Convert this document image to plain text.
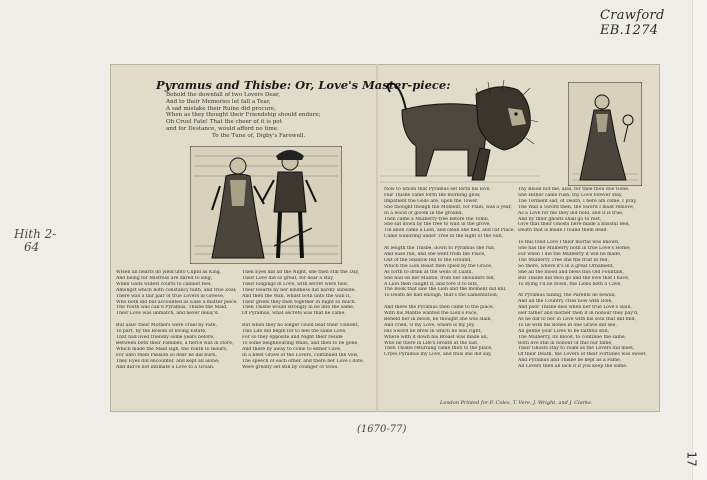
Crawford EB.1274
Hith 2-
64
17
Pyramus and Thisbe: Or, Love's Master-piece:
Behold the downfall of two Lovers Dear,
And to their Memories let fall a Tear,
A sad mistake their Ruine did procure,
When as they thought their Friendship should endure;
Oh Cruel Fate! That the cheer of it is pot
and for Destance, would afford no time.
To the Tune of, Digby's Farewell.
WHen all hearts do yield unto Cupid as King,
And being for Mistress are dared to sing,
When Gods willest courts to cabinet feel,
Amongst which both constancy faith, and true Zeal;
There was a fair pair of true Lovers in Greece,
Who both did but accounted as Ease a matter piece.
The Youth was call'd Pyramus, Thisbe the Maid,
Their Love was unmatch, and never delay'd.

But alas! their Mothers were cruel by Fate,
To part, by the Bosom of loving Estate,
That had lived friendly some years before,
Between both their Families, a fierce was in store,
Which made the Maid sigh, the Youth to mourn,
For unto them Passion so dear he did burn,
They Eyes did encounter, and kept all alone;
And did're not intimate a Love to a Groan.
Then Eyes did all the Night, she then still the Day,
Their Love did so great, for dear a stay,
Their lodgings in Love, with secret were tied,
Their Hearts by her kindness did hardly subside.
And then the Wall, whilst both unto the wall it,
Their griefs they then together in flight so much.
Then Thisbe would strongly in be into the same,
Of Pyramus, what secrets was that he came.

But when they no longer could bear their content,
This Life did begin for to feel the same Love,
For so they opposite and Night their reside
To some neighbouring Walls, and then to be gone,
And there by away to come to either Cave,
In a blest Grave of the Lovers, continued the Vow,
The speech of each other, and there her Love I dote,
Were greatly set still by counger of Vows.
Now to whom that Pyramus set forth his love,
Fair Thisbe came forth the morning glow,
Impatient the Gods are, upon the Tower,
She thought though the Moment, for Plain, was a year,
In a wood of gloom in the ground,
Then came a Mulberry-tree before the Tomb,
She sat down by the tree to wait in the grove,
Till anon came a Lion, and clean she fled, and cat Place,
Came wandring under Tree in the sight of the Sun,

At length the Thisbe, down to Pyramus she run,
And ease ran, and she went from the Place,
Out of the Shadow fell to the Ground,
Which the Lion Beast then spied by the Grace,
As forth to drink at the wells of Luam,
She had on her Mantle, from her shoulders fell,
A Lion then caught it, and tore it to bits,
The Book that saw the Lion and the moment did kill,
To Death he had enough, that's the Lamentation,

And there the Pyramus then came to the place,
With his Mantle wanted the Lion's Face,
Beheld her in blood, he thought she was slain,
And cried, O my Love, where is my Joy,
His Sword he drew in which he was right,
Where with it down his Breast was made all,
Who lie there in Life's breath at the last,
Then Thisbe returning came then to the place,
Cryes Pyramus my Love, and thus she did say,
Thy Blood not me, alas, for thee thou doe Gone,
She Hither came rush, thy Love forever stay,
The Torment sad, of Death, I here am come, I pray,
The Wall a Sword then, the Sword I must remove,
As a Love for me they did hold, and it is true,
And by their ghosts shall go to rest,
Give that their Ghosts here made a blissful Bed,
Death that is made I found them dead.

To this fond Love I their mortal was known,
She has the Mulberry both in true Love's Home;
For when I die the Mulberry it will be made,
The Mulberry Tree she the fruit in red,
So there, where it's in a great Ornament,
She all the blood and bless this Old Fountain,
But Thisbe did thou go and the love that I have,
To dying I'll lie down, the Lions both a Cave,

At Pyramus falling, the Parents do bewail,
And all the Country cries now with Dole,
And poor Thisbe dies when her true Love's slain,
Her father and mother then it in honour they pay'd,
As he did to her in Love with his soul that did find,
To lie with his Bones in one Grave did see,
All gentle your Lives to be faithful still,
The Mulberry, its Blood, to continue the same,
Both live still in honour of this our fame,
Their Ghosts stay to roam as the Lovers did meet,
Of their Death, the Lovers of their Fortunes was sweet,
And Pyramus and Thisbe be kept as a Fame.
All Lovers then all lack it if you keep the same.
London Printed for F. Coles, T. Vere, J. Wright, and J. Clarke.
(1670-77)
